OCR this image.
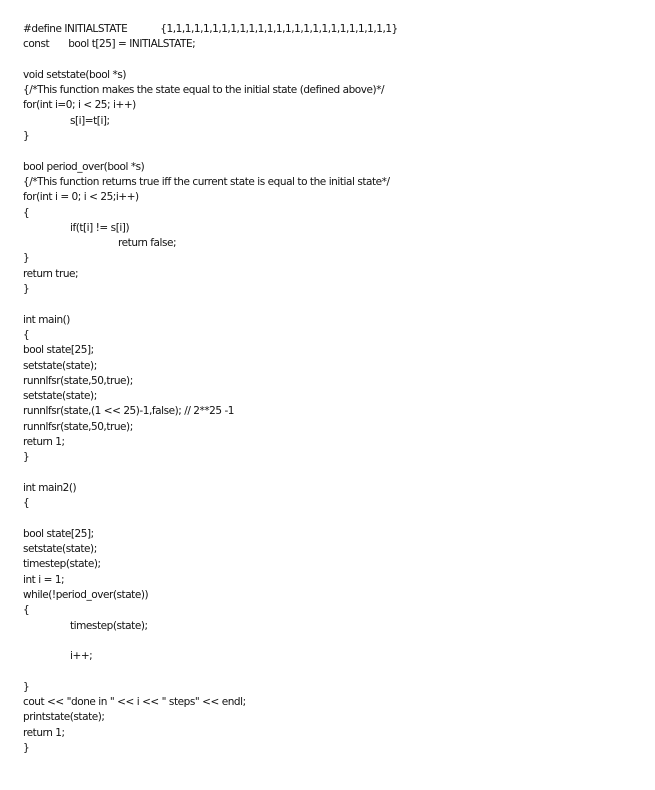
#define INITIALSTATE	{1,1,1,1,1,1,1,1,1,1,1,1,1,1,1,1,1,1,1,1,1,1,1,1,1}
const bool t[25] = INITIALSTATE;
void setstate(bool *s)
{/*This function makes the state equal to the initial state (defined above)*/
for(int i=0; i < 25; i++)
s[i]=t[i];
}
bool period_over(bool *s)
{/*This function returns true iff the current state is equal to the initial state*/
for(int i = 0; i < 25;i++)
{
if(t[i] != s[i])
return false;
}
return true;
}
int main()
{
bool state[25];
setstate(state);
runnlfsr(state,50,true);
setstate(state);
runnlfsr(state,(1 << 25)-1,false); // 2**25 -1
runnlfsr(state,50,true);
return 1;
}
int main2()
{
bool state[25];
setstate(state);
timestep(state);
int i = 1;
while(!period_over(state))
{
timestep(state);
i++;
}
cout << "done in " << i << " steps" << endl;
printstate(state);
return 1;
}
